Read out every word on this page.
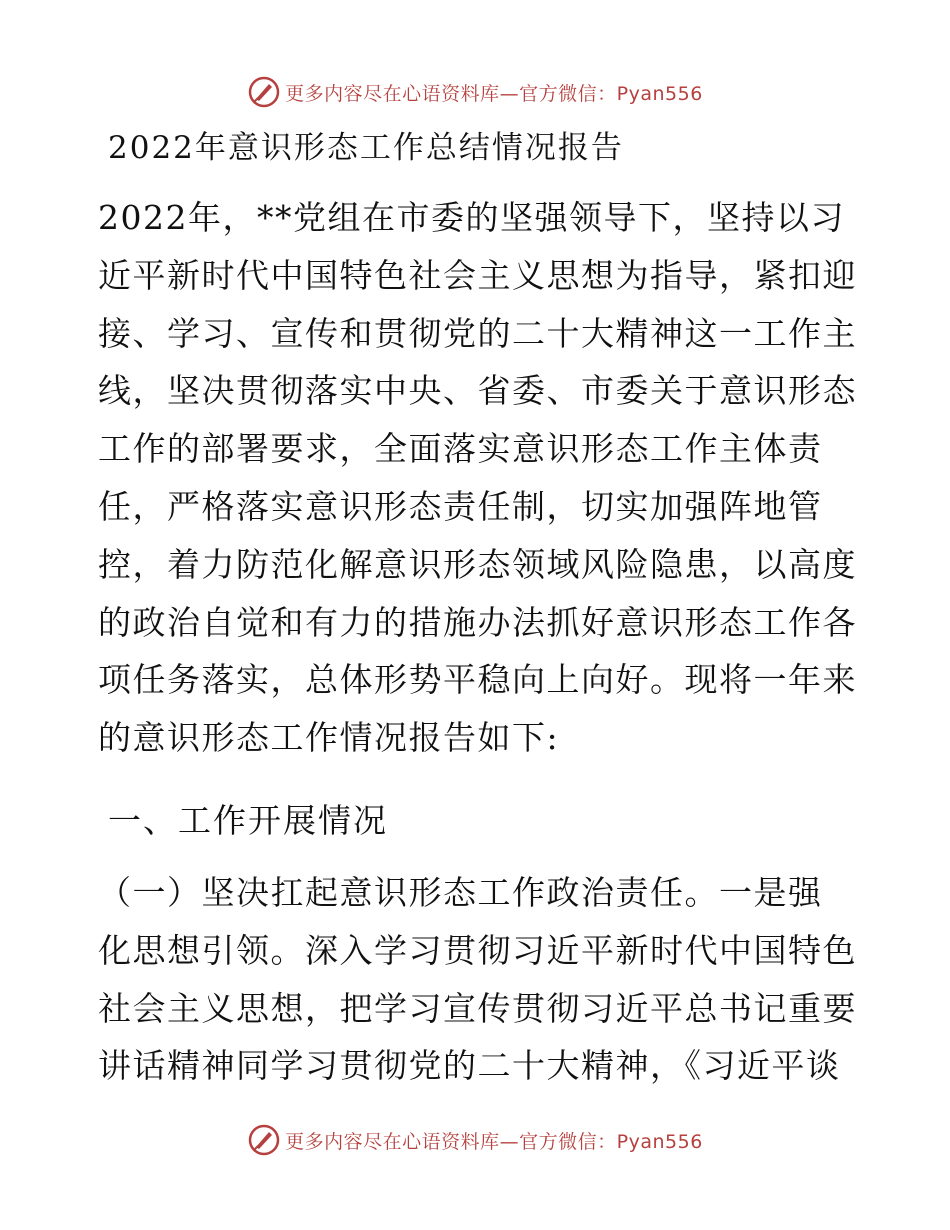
更多内容尽在心语资料库—官方微信：Pyan556
2022年意识形态工作总结情况报告
2022年，**党组在市委的坚强领导下，坚持以习
近平新时代中国特色社会主义思想为指导，紧扣迎
接、学习、宣传和贯彻党的二十大精神这一工作主
线，坚决贯彻落实中央、省委、市委关于意识形态
工作的部署要求，全面落实意识形态工作主体责
任，严格落实意识形态责任制，切实加强阵地管
控，着力防范化解意识形态领域风险隐患，以高度
的政治自觉和有力的措施办法抓好意识形态工作各
项任务落实，总体形势平稳向上向好。现将一年来
的意识形态工作情况报告如下:
一、工作开展情况
（一）坚决扛起意识形态工作政治责任。一是强
化思想引领。深入学习贯彻习近平新时代中国特色
社会主义思想，把学习宣传贯彻习近平总书记重要
讲话精神同学习贯彻党的二十大精神，《习近平谈
更多内容尽在心语资料库—官方微信：Pyan556
